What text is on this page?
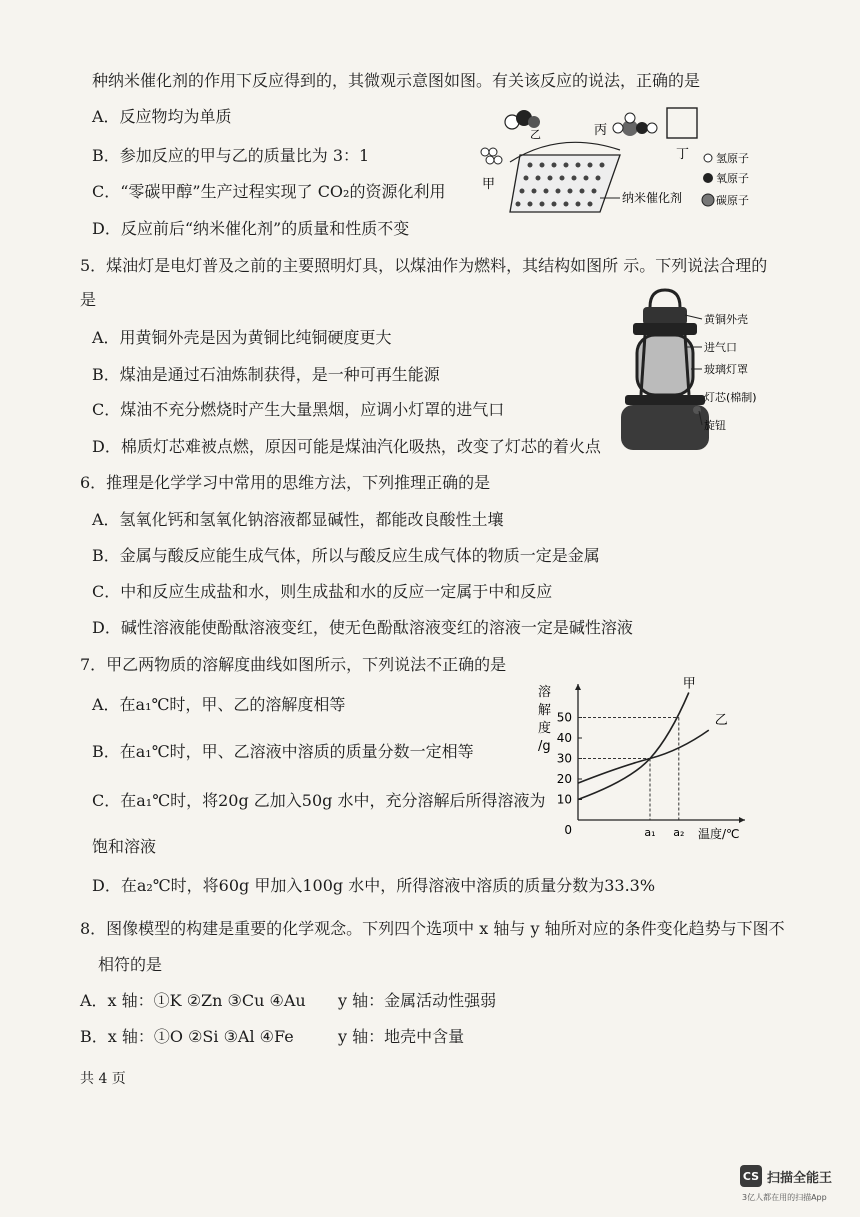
种纳米催化剂的作用下反应得到的，其微观示意图如图。有关该反应的说法，正确的是
A．反应物均为单质
B．参加反应的甲与乙的质量比为 3：1
C．“零碳甲醇”生产过程实现了 CO₂的资源化利用
D．反应前后“纳米催化剂”的质量和性质不变
乙	丙
丁
甲
纳米催化剂
氢原子
氧原子
碳原子
5．煤油灯是电灯普及之前的主要照明灯具，以煤油作为燃料，其结构如图所 示。下列说法合理的
是
A．用黄铜外壳是因为黄铜比纯铜硬度更大
B．煤油是通过石油炼制获得，是一种可再生能源
C．煤油不充分燃烧时产生大量黑烟，应调小灯罩的进气口
D．棉质灯芯难被点燃，原因可能是煤油汽化吸热，改变了灯芯的着火点
黄铜外壳
进气口
玻璃灯罩
灯芯(棉制)
旋钮
6．推理是化学学习中常用的思维方法，下列推理正确的是
A．氢氧化钙和氢氧化钠溶液都显碱性，都能改良酸性土壤
B．金属与酸反应能生成气体，所以与酸反应生成气体的物质一定是金属
C．中和反应生成盐和水，则生成盐和水的反应一定属于中和反应
D．碱性溶液能使酚酞溶液变红，使无色酚酞溶液变红的溶液一定是碱性溶液
7．甲乙两物质的溶解度曲线如图所示，下列说法不正确的是
A．在a₁℃时，甲、乙的溶解度相等
B．在a₁℃时，甲、乙溶液中溶质的质量分数一定相等
C．在a₁℃时，将20g 乙加入50g 水中，充分溶解后所得溶液为
饱和溶液
D．在a₂℃时，将60g 甲加入100g 水中，所得溶液中溶质的质量分数为33.3%
溶
解
度
/g
10
20
30
40
50
0	a₁ a₂ 温度/℃
甲
乙
8．图像模型的构建是重要的化学观念。下列四个选项中 x 轴与 y 轴所对应的条件变化趋势与下图不
相符的是
A．x 轴：①K ②Zn ③Cu ④Au y 轴：金属活动性强弱
B．x 轴：①O ②Si ③Al ④Fe	y 轴：地壳中含量
共 4 页
CS 扫描全能王
3亿人都在用的扫描App
